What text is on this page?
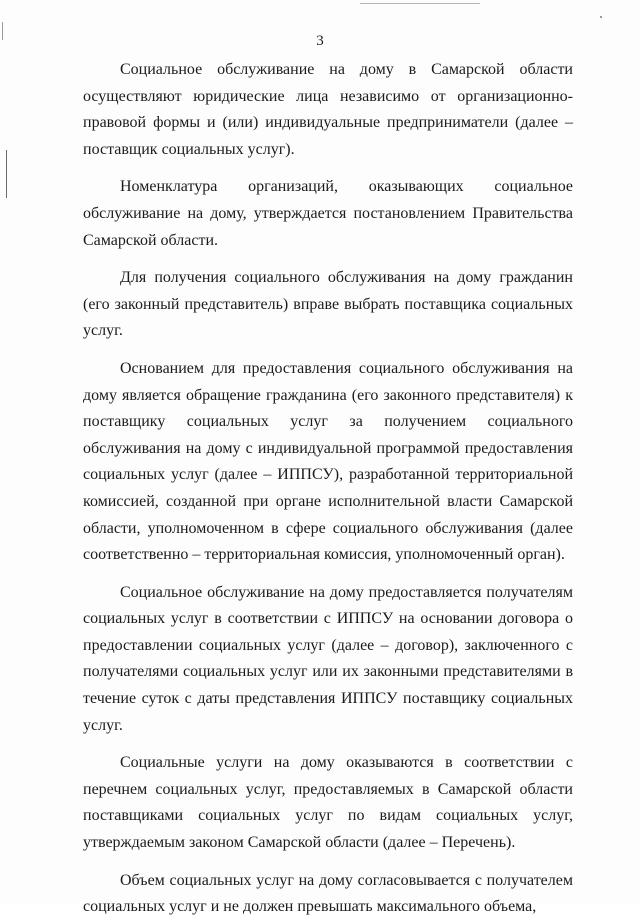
3

Социальное обслуживание на дому в Самарской области осуществляют юридические лица независимо от организационно-правовой формы и (или) индивидуальные предприниматели (далее – поставщик социальных услуг).

Номенклатура организаций, оказывающих социальное обслуживание на дому, утверждается постановлением Правительства Самарской области.

Для получения социального обслуживания на дому гражданин (его законный представитель) вправе выбрать поставщика социальных услуг.

Основанием для предоставления социального обслуживания на дому является обращение гражданина (его законного представителя) к поставщику социальных услуг за получением социального обслуживания на дому с индивидуальной программой предоставления социальных услуг (далее – ИППСУ), разработанной территориальной комиссией, созданной при органе исполнительной власти Самарской области, уполномоченном в сфере социального обслуживания (далее соответственно – территориальная комиссия, уполномоченный орган).

Социальное обслуживание на дому предоставляется получателям социальных услуг в соответствии с ИППСУ на основании договора о предоставлении социальных услуг (далее – договор), заключенного с получателями социальных услуг или их законными представителями в течение суток с даты представления ИППСУ поставщику социальных услуг.

Социальные услуги на дому оказываются в соответствии с перечнем социальных услуг, предоставляемых в Самарской области поставщиками социальных услуг по видам социальных услуг, утверждаемым законом Самарской области (далее – Перечень).

Объем социальных услуг на дому согласовывается с получателем социальных услуг и не должен превышать максимального объема,
